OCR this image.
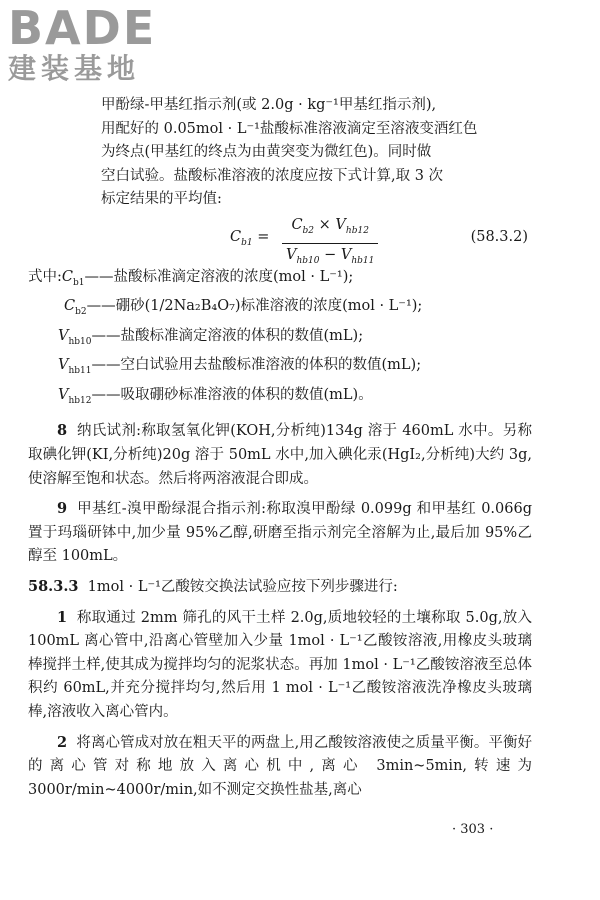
BADE
建装基地

甲酚绿-甲基红指示剂(或 2.0g · kg⁻¹甲基红指示剂),

用配好的 0.05mol · L⁻¹盐酸标准溶液滴定至溶液变酒红色

为终点(甲基红的终点为由黄突变为微红色)。同时做

空白试验。盐酸标准溶液的浓度应按下式计算,取 3 次

标定结果的平均值:

$C_{b1}$ =
$C_{b2} \times V_{hb12}$
$V_{hb10} - V_{hb11}$
(58.3.2)

式中$:C_{b1}——$盐酸标准滴定溶液的浓度(mol · L⁻¹);

$C_{b2}——$硼砂(1/2Na₂B₄O₇)标准溶液的浓度(mol · L⁻¹);

$V_{hb10}——$盐酸标准滴定溶液的体积的数值(mL);

$V_{hb11}——$空白试验用去盐酸标准溶液的体积的数值(mL);

$V_{hb12}——$吸取硼砂标准溶液的体积的数值(mL)。

8 纳氏试剂:称取氢氧化钾(KOH,分析纯)134g 溶于 460mL 水中。另称取碘化钾(KI,分析纯)20g 溶于 50mL 水中,加入碘化汞(HgI₂,分析纯)大约 3g,使溶解至饱和状态。然后将两溶液混合即成。

9 甲基红-溴甲酚绿混合指示剂:称取溴甲酚绿 0.099g 和甲基红 0.066g 置于玛瑙研钵中,加少量 95%乙醇,研磨至指示剂完全溶解为止,最后加 95%乙醇至 100mL。

58.3.3 1mol · L⁻¹乙酸铵交换法试验应按下列步骤进行:

1 称取通过 2mm 筛孔的风干土样 2.0g,质地较轻的土壤称取 5.0g,放入 100mL 离心管中,沿离心管壁加入少量 1mol · L⁻¹乙酸铵溶液,用橡皮头玻璃棒搅拌土样,使其成为搅拌均匀的泥浆状态。再加 1mol · L⁻¹乙酸铵溶液至总体积约 60mL,并充分搅拌均匀,然后用 1 mol · L⁻¹乙酸铵溶液洗净橡皮头玻璃棒,溶液收入离心管内。

2 将离心管成对放在粗天平的两盘上,用乙酸铵溶液使之质量平衡。平衡好的离心管对称地放入离心机中,离心 3min~5min,转速为 3000r/min~4000r/min,如不测定交换性盐基,离心

· 303 ·
